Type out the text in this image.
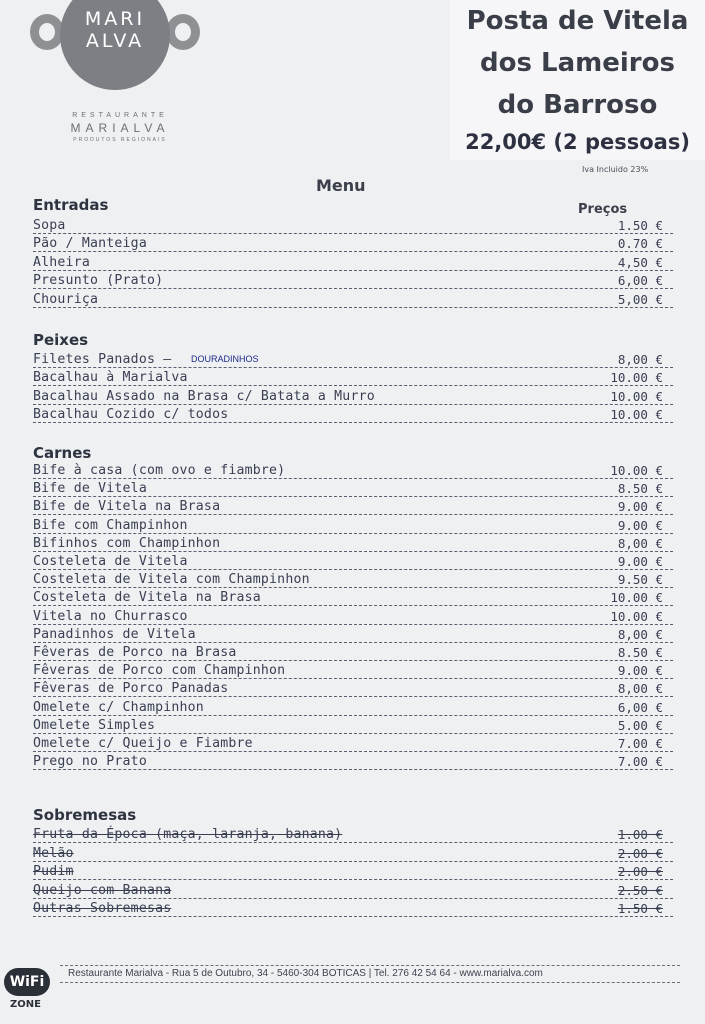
MARI
ALVA
RESTAURANTE
MARIALVA
PRODUTOS REGIONAIS
Posta de Vitela
dos Lameiros
do Barroso
22,00€ (2 pessoas)
Iva Incluido 23%
Menu
Preços
Entradas
Sopa	1.50 €
Pão / Manteiga	0.70 €
Alheira	4,50 €
Presunto (Prato)	6,00 €
Chouriça	5,00 €
Peixes
Filetes Panados – DOURADINHOS	8,00 €
Bacalhau à Marialva	10.00 €
Bacalhau Assado na Brasa c/ Batata a Murro	10.00 €
Bacalhau Cozido c/ todos	10.00 €
Carnes
Bife à casa (com ovo e fiambre)	10.00 €
Bife de Vitela	8.50 €
Bife de Vitela na Brasa	9.00 €
Bife com Champinhon	9.00 €
Bifinhos com Champinhon	8,00 €
Costeleta de Vitela	9.00 €
Costeleta de Vitela com Champinhon	9.50 €
Costeleta de Vitela na Brasa	10.00 €
Vitela no Churrasco	10.00 €
Panadinhos de Vitela	8,00 €
Fêveras de Porco na Brasa	8.50 €
Fêveras de Porco com Champinhon	9.00 €
Fêveras de Porco Panadas	8,00 €
Omelete c/ Champinhon	6,00 €
Omelete Simples	5.00 €
Omelete c/ Queijo e Fiambre	7.00 €
Prego no Prato	7.00 €
Sobremesas
Fruta da Época (maça, laranja, banana)	1.00 €
Melão	2.00 €
Pudim	2.00 €
Queijo com Banana	2.50 €
Outras Sobremesas	1.50 €
WiFi
ZONE
Restaurante Marialva - Rua 5 de Outubro, 34 - 5460-304 BOTICAS | Tel. 276 42 54 64 - www.marialva.com
